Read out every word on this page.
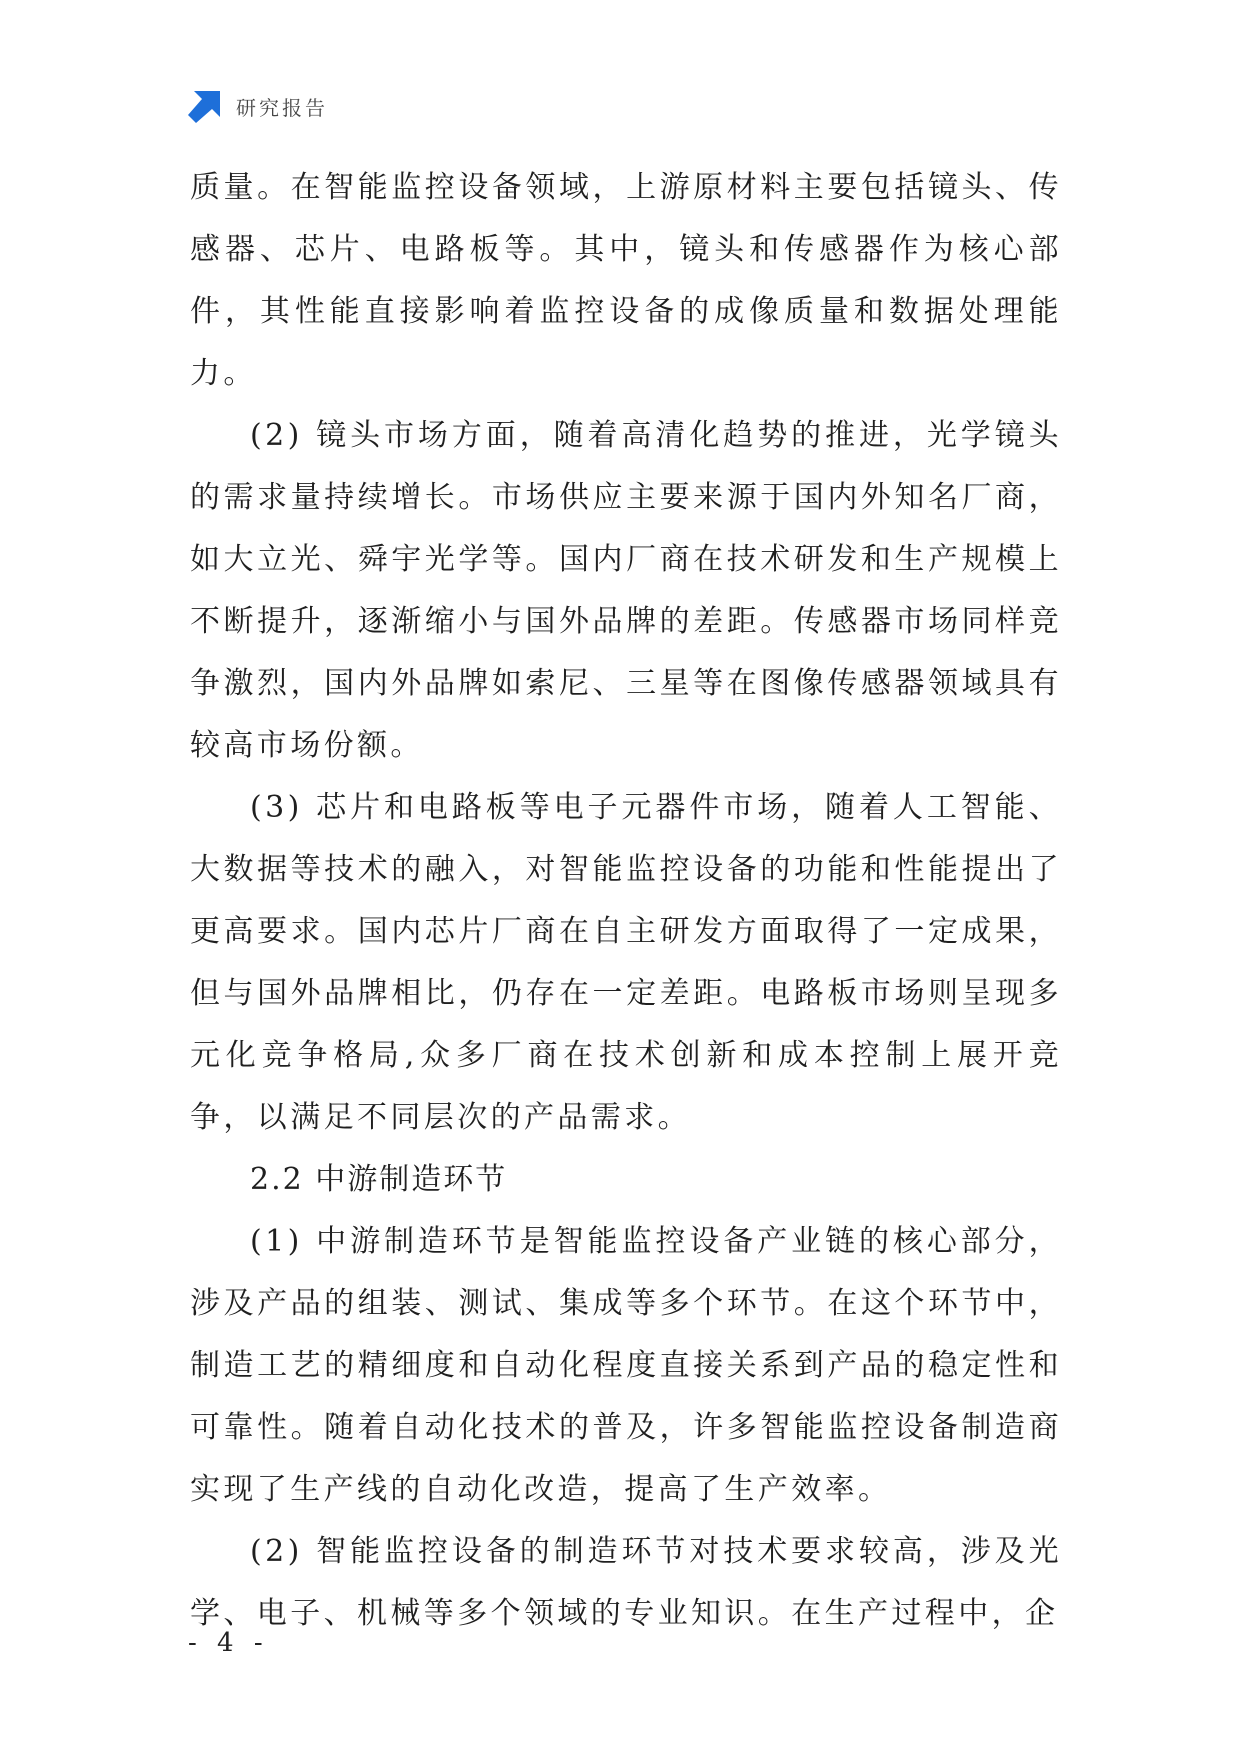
研究报告

质量。在智能监控设备领域，上游原材料主要包括镜头、传感器、芯片、电路板等。其中，镜头和传感器作为核心部件，其性能直接影响着监控设备的成像质量和数据处理能力。

(2) 镜头市场方面，随着高清化趋势的推进，光学镜头的需求量持续增长。市场供应主要来源于国内外知名厂商，如大立光、舜宇光学等。国内厂商在技术研发和生产规模上不断提升，逐渐缩小与国外品牌的差距。传感器市场同样竞争激烈，国内外品牌如索尼、三星等在图像传感器领域具有较高市场份额。

(3) 芯片和电路板等电子元器件市场，随着人工智能、大数据等技术的融入，对智能监控设备的功能和性能提出了更高要求。国内芯片厂商在自主研发方面取得了一定成果，但与国外品牌相比，仍存在一定差距。电路板市场则呈现多元化竞争格局,众多厂商在技术创新和成本控制上展开竞争，以满足不同层次的产品需求。

2.2 中游制造环节

(1) 中游制造环节是智能监控设备产业链的核心部分，涉及产品的组装、测试、集成等多个环节。在这个环节中，制造工艺的精细度和自动化程度直接关系到产品的稳定性和可靠性。随着自动化技术的普及，许多智能监控设备制造商实现了生产线的自动化改造，提高了生产效率。

(2) 智能监控设备的制造环节对技术要求较高，涉及光学、电子、机械等多个领域的专业知识。在生产过程中，企

- 4 -
